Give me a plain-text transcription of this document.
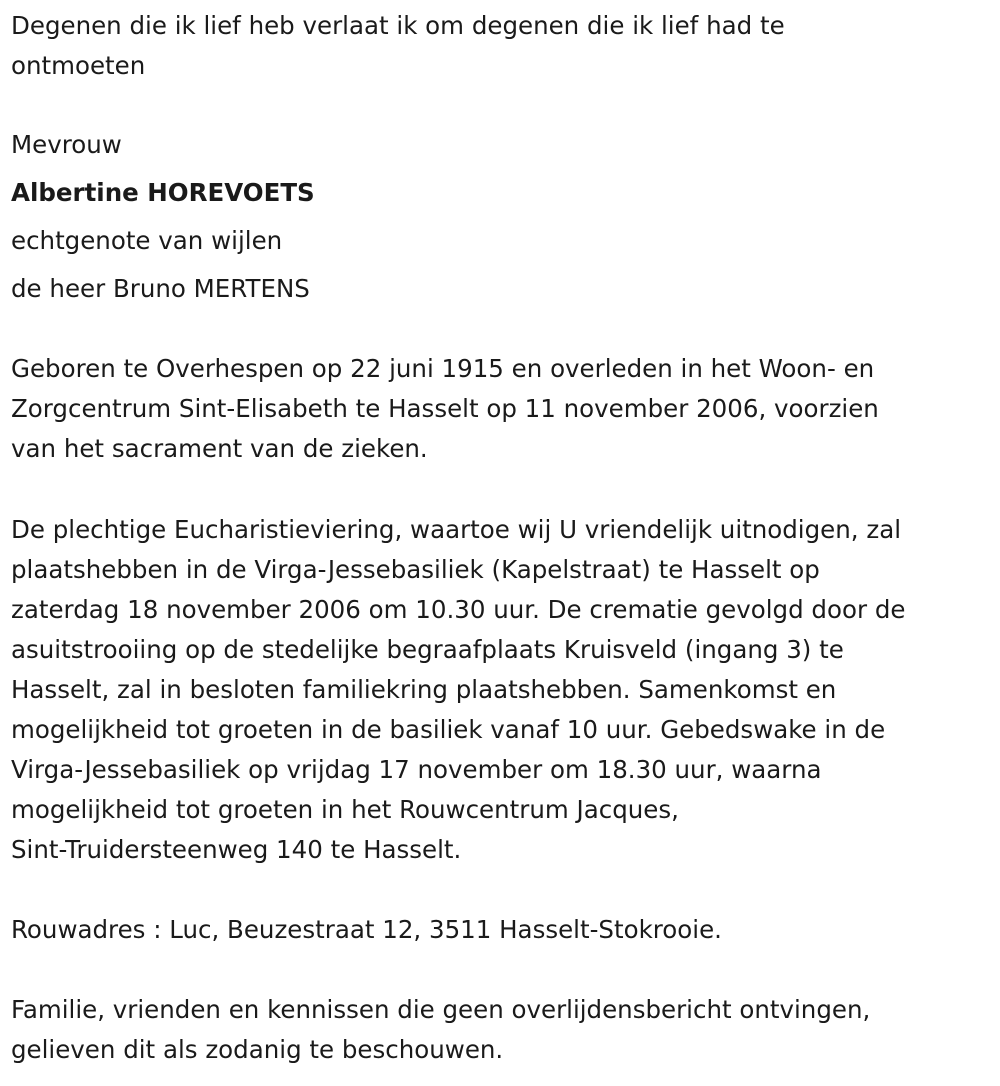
Degenen die ik lief heb verlaat ik om degenen die ik lief had te
ontmoeten

Mevrouw

Albertine HOREVOETS

echtgenote van wijlen

de heer Bruno MERTENS

Geboren te Overhespen op 22 juni 1915 en overleden in het Woon- en
Zorgcentrum Sint-Elisabeth te Hasselt op 11 november 2006, voorzien
van het sacrament van de zieken.

De plechtige Eucharistieviering, waartoe wij U vriendelijk uitnodigen, zal
plaatshebben in de Virga-Jessebasiliek (Kapelstraat) te Hasselt op
zaterdag 18 november 2006 om 10.30 uur. De crematie gevolgd door de
asuitstrooiing op de stedelijke begraafplaats Kruisveld (ingang 3) te
Hasselt, zal in besloten familiekring plaatshebben. Samenkomst en
mogelijkheid tot groeten in de basiliek vanaf 10 uur. Gebedswake in de
Virga-Jessebasiliek op vrijdag 17 november om 18.30 uur, waarna
mogelijkheid tot groeten in het Rouwcentrum Jacques,
Sint-Truidersteenweg 140 te Hasselt.

Rouwadres : Luc, Beuzestraat 12, 3511 Hasselt-Stokrooie.

Familie, vrienden en kennissen die geen overlijdensbericht ontvingen,
gelieven dit als zodanig te beschouwen.
